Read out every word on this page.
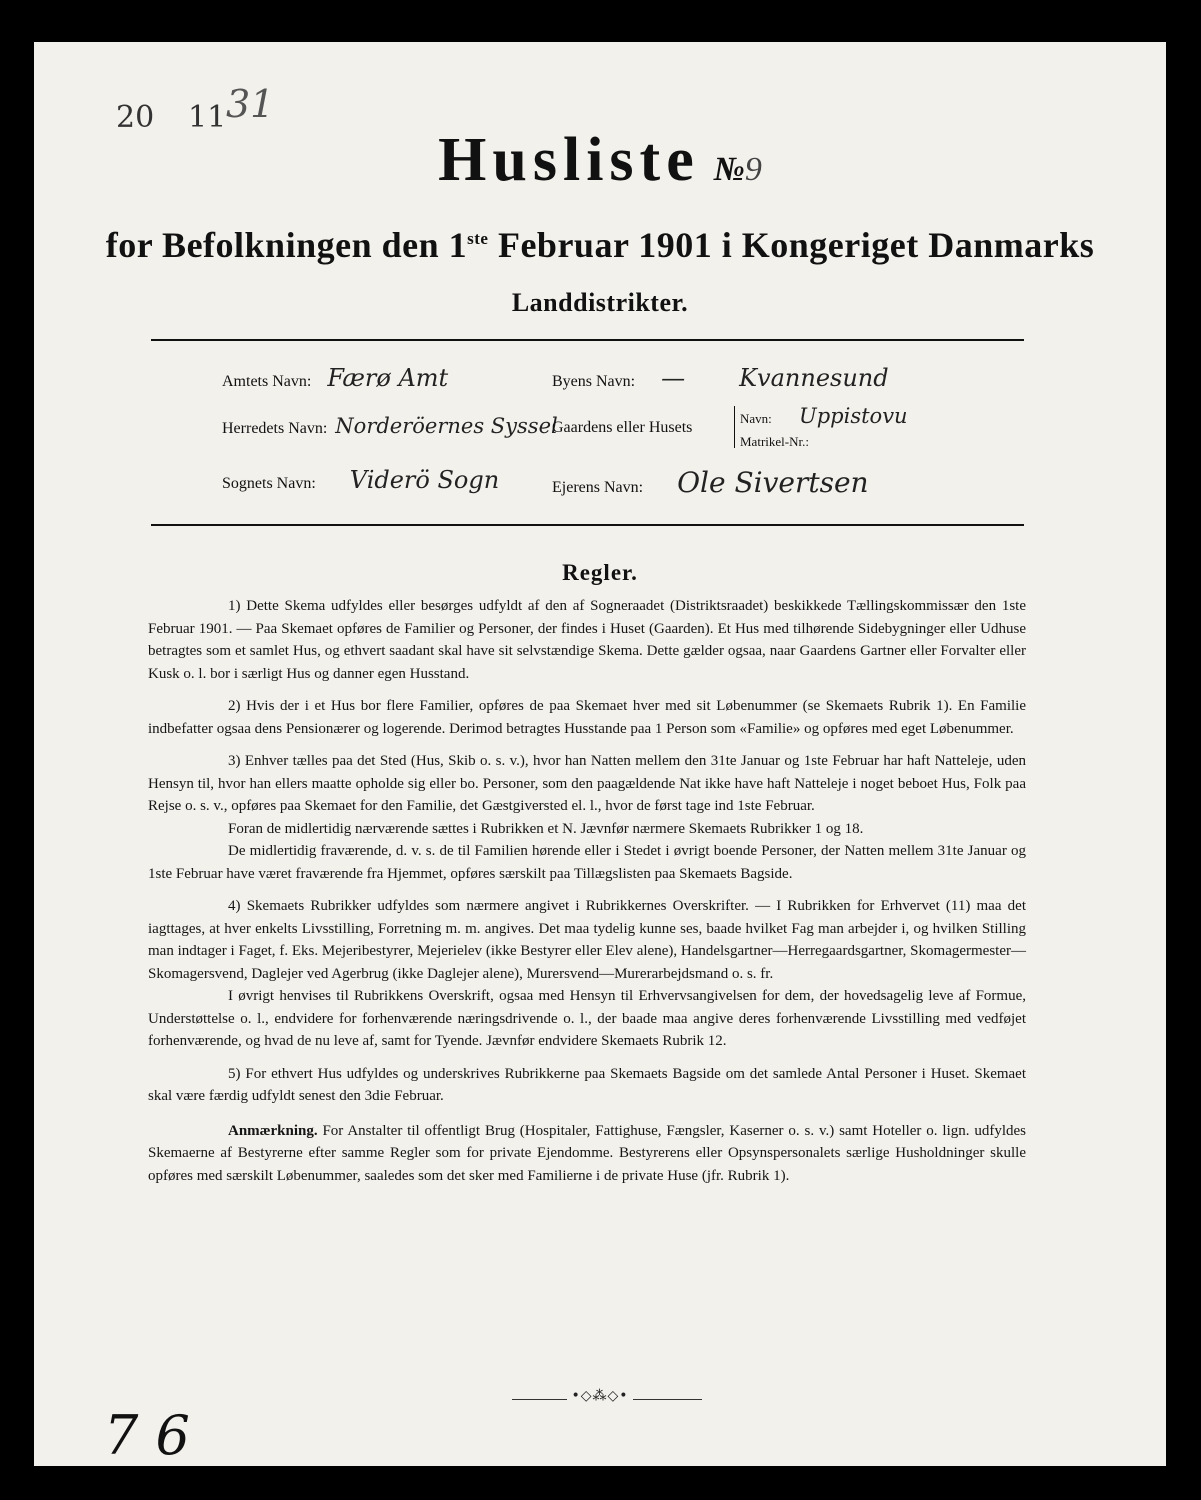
20 11 31
Husliste №9
for Befolkningen den 1ste Februar 1901 i Kongeriget Danmarks
Landdistrikter.
Amtets Navn: Færø Amt	Byens Navn: — Kvannesund
Herredets Navn: Norderöernes Syssel
Gaardens eller Husets
Navn: Uppistovu
Matrikel-Nr.:
Sognets Navn: Viderö Sogn	Ejerens Navn: Ole Sivertsen
Regler.

1) Dette Skema udfyldes eller besørges udfyldt af den af Sogneraadet (Distriktsraadet) beskikkede Tællingskommissær den 1ste Februar 1901. — Paa Skemaet opføres de Familier og Personer, der findes i Huset (Gaarden). Et Hus med tilhørende Sidebygninger eller Udhuse betragtes som et samlet Hus, og ethvert saadant skal have sit selvstændige Skema. Dette gælder ogsaa, naar Gaardens Gartner eller Forvalter eller Kusk o. l. bor i særligt Hus og danner egen Husstand.

2) Hvis der i et Hus bor flere Familier, opføres de paa Skemaet hver med sit Løbenummer (se Skemaets Rubrik 1). En Familie indbefatter ogsaa dens Pensionærer og logerende. Derimod betragtes Husstande paa 1 Person som «Familie» og opføres med eget Løbenummer.

3) Enhver tælles paa det Sted (Hus, Skib o. s. v.), hvor han Natten mellem den 31te Januar og 1ste Februar har haft Natteleje, uden Hensyn til, hvor han ellers maatte opholde sig eller bo. Personer, som den paagældende Nat ikke have haft Natteleje i noget beboet Hus, Folk paa Rejse o. s. v., opføres paa Skemaet for den Familie, det Gæstgiversted el. l., hvor de først tage ind 1ste Februar.

Foran de midlertidig nærværende sættes i Rubrikken et N. Jævnfør nærmere Skemaets Rubrikker 1 og 18.

De midlertidig fraværende, d. v. s. de til Familien hørende eller i Stedet i øvrigt boende Personer, der Natten mellem 31te Januar og 1ste Februar have været fraværende fra Hjemmet, opføres særskilt paa Tillægslisten paa Skemaets Bagside.

4) Skemaets Rubrikker udfyldes som nærmere angivet i Rubrikkernes Overskrifter. — I Rubrikken for Erhvervet (11) maa det iagttages, at hver enkelts Livsstilling, Forretning m. m. angives. Det maa tydelig kunne ses, baade hvilket Fag man arbejder i, og hvilken Stilling man indtager i Faget, f. Eks. Mejeribestyrer, Mejerielev (ikke Bestyrer eller Elev alene), Handelsgartner—Herregaardsgartner, Skomagermester—Skomagersvend, Daglejer ved Agerbrug (ikke Daglejer alene), Murersvend—Murerarbejdsmand o. s. fr.

I øvrigt henvises til Rubrikkens Overskrift, ogsaa med Hensyn til Erhvervsangivelsen for dem, der hovedsagelig leve af Formue, Understøttelse o. l., endvidere for forhenværende næringsdrivende o. l., der baade maa angive deres forhenværende Livsstilling med vedføjet forhenværende, og hvad de nu leve af, samt for Tyende. Jævnfør endvidere Skemaets Rubrik 12.

5) For ethvert Hus udfyldes og underskrives Rubrikkerne paa Skemaets Bagside om det samlede Antal Personer i Huset. Skemaet skal være færdig udfyldt senest den 3die Februar.

Anmærkning. For Anstalter til offentligt Brug (Hospitaler, Fattighuse, Fængsler, Kaserner o. s. v.) samt Hoteller o. lign. udfyldes Skemaerne af Bestyrerne efter samme Regler som for private Ejendomme. Bestyrerens eller Opsynspersonalets særlige Husholdninger skulle opføres med særskilt Løbenummer, saaledes som det sker med Familierne i de private Huse (jfr. Rubrik 1).

•◇⁂◇•
7 6
